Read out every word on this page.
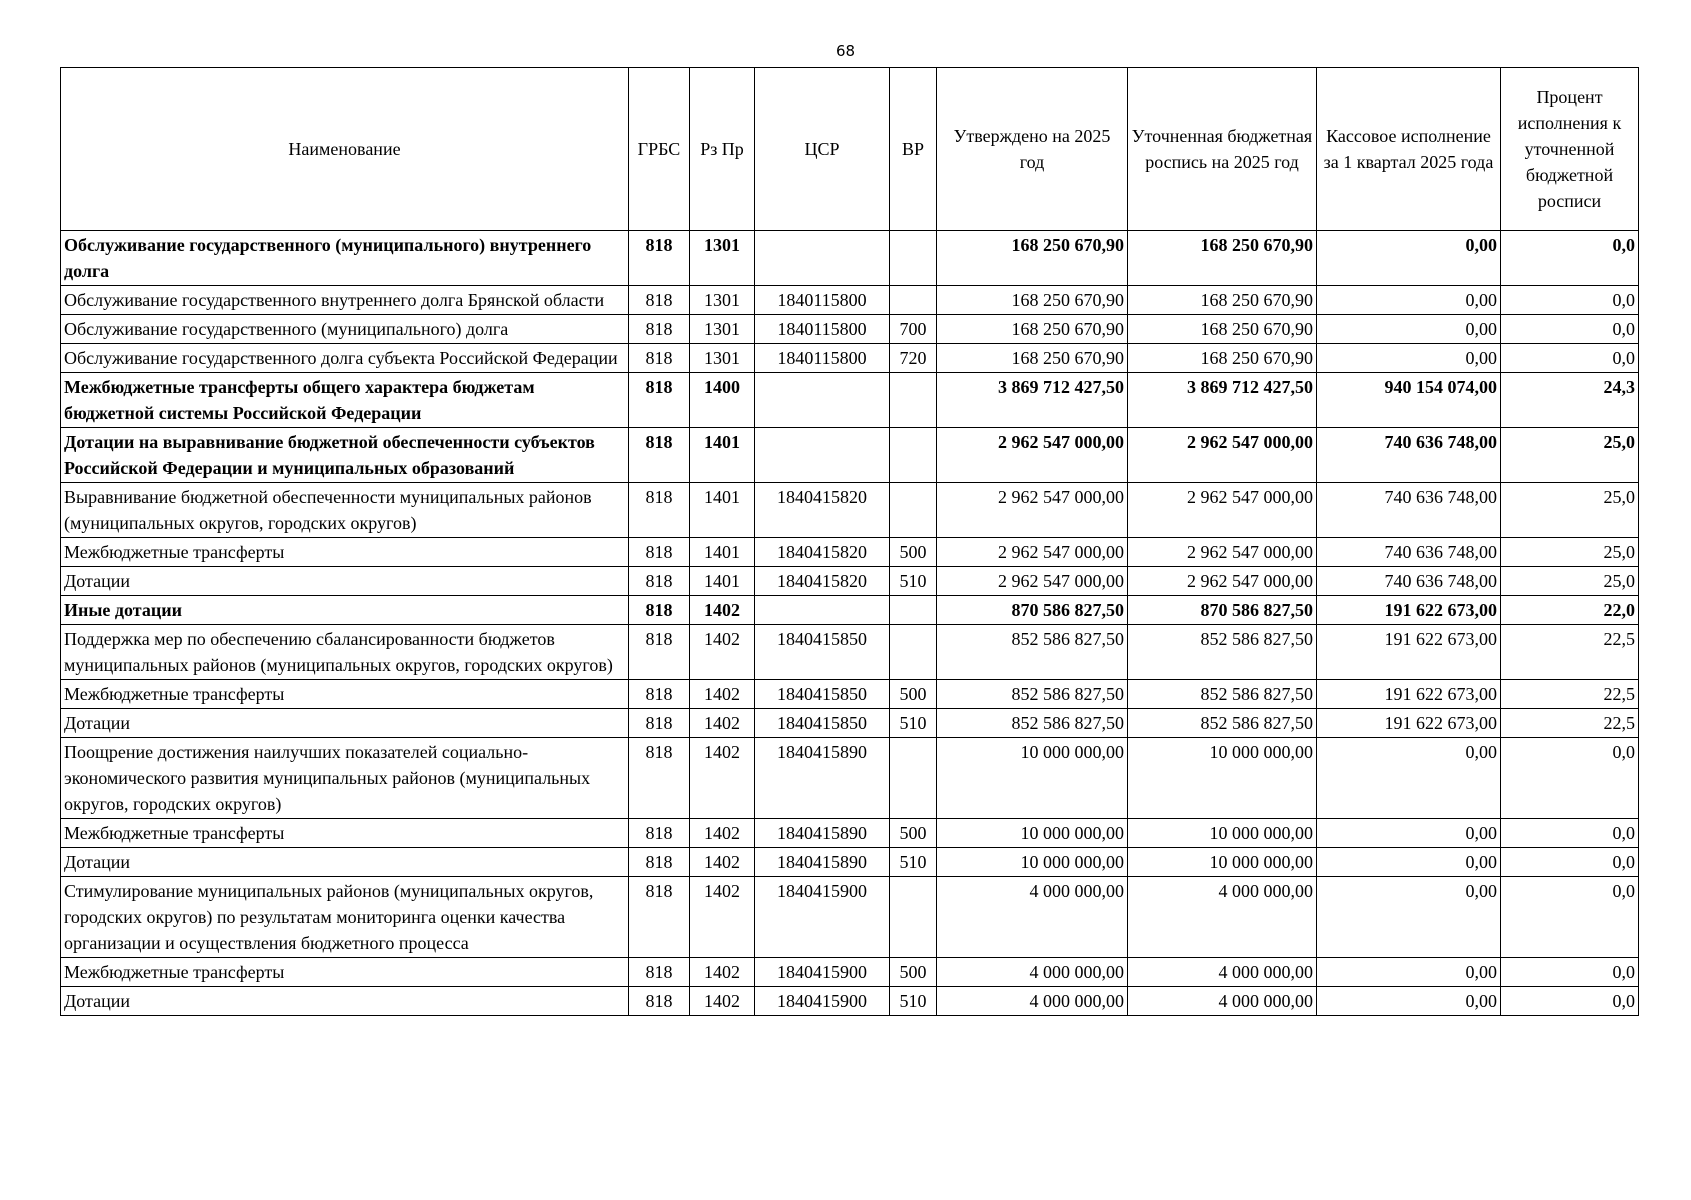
68
Наименование	ГРБС	Рз Пр	ЦСР	ВР	Утверждено на 2025 год	Уточненная бюджетная роспись на 2025 год	Кассовое исполнение за 1 квартал 2025 года	Процент исполнения к уточненной бюджетной росписи
Обслуживание государственного (муниципального) внутреннего долга	818	1301			168 250 670,90	168 250 670,90	0,00	0,0
Обслуживание государственного внутреннего долга Брянской области	818	1301	1840115800		168 250 670,90	168 250 670,90	0,00	0,0
Обслуживание государственного (муниципального) долга	818	1301	1840115800	700	168 250 670,90	168 250 670,90	0,00	0,0
Обслуживание государственного долга субъекта Российской Федерации	818	1301	1840115800	720	168 250 670,90	168 250 670,90	0,00	0,0
Межбюджетные трансферты общего характера бюджетам бюджетной системы Российской Федерации	818	1400			3 869 712 427,50	3 869 712 427,50	940 154 074,00	24,3
Дотации на выравнивание бюджетной обеспеченности субъектов Российской Федерации и муниципальных образований	818	1401			2 962 547 000,00	2 962 547 000,00	740 636 748,00	25,0
Выравнивание бюджетной обеспеченности муниципальных районов (муниципальных округов, городских округов)	818	1401	1840415820		2 962 547 000,00	2 962 547 000,00	740 636 748,00	25,0
Межбюджетные трансферты	818	1401	1840415820	500	2 962 547 000,00	2 962 547 000,00	740 636 748,00	25,0
Дотации	818	1401	1840415820	510	2 962 547 000,00	2 962 547 000,00	740 636 748,00	25,0
Иные дотации	818	1402			870 586 827,50	870 586 827,50	191 622 673,00	22,0
Поддержка мер по обеспечению сбалансированности бюджетов муниципальных районов (муниципальных округов, городских округов)	818	1402	1840415850		852 586 827,50	852 586 827,50	191 622 673,00	22,5
Межбюджетные трансферты	818	1402	1840415850	500	852 586 827,50	852 586 827,50	191 622 673,00	22,5
Дотации	818	1402	1840415850	510	852 586 827,50	852 586 827,50	191 622 673,00	22,5
Поощрение достижения наилучших показателей социально-экономического развития муниципальных районов (муниципальных округов, городских округов)	818	1402	1840415890		10 000 000,00	10 000 000,00	0,00	0,0
Межбюджетные трансферты	818	1402	1840415890	500	10 000 000,00	10 000 000,00	0,00	0,0
Дотации	818	1402	1840415890	510	10 000 000,00	10 000 000,00	0,00	0,0
Стимулирование муниципальных районов (муниципальных округов, городских округов) по результатам мониторинга оценки качества организации и осуществления бюджетного процесса	818	1402	1840415900		4 000 000,00	4 000 000,00	0,00	0,0
Межбюджетные трансферты	818	1402	1840415900	500	4 000 000,00	4 000 000,00	0,00	0,0
Дотации	818	1402	1840415900	510	4 000 000,00	4 000 000,00	0,00	0,0
